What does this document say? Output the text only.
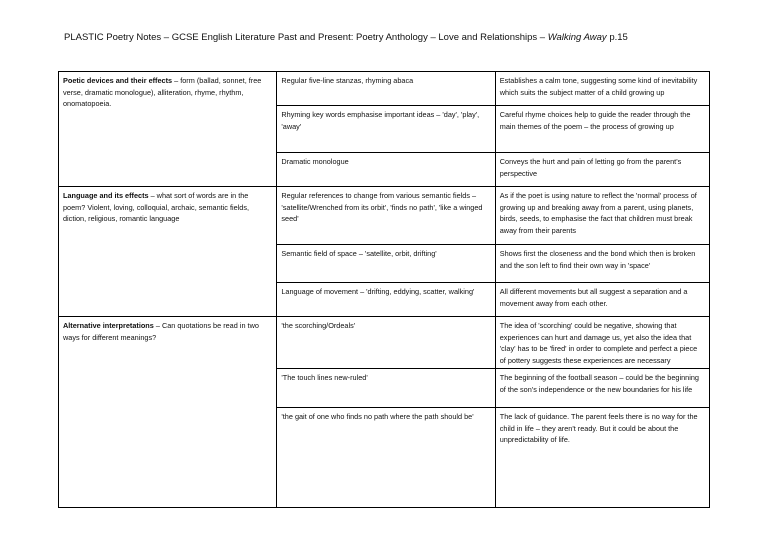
PLASTIC Poetry Notes – GCSE English Literature Past and Present: Poetry Anthology – Love and Relationships – Walking Away p.15
Poetic devices and their effects – form (ballad, sonnet, free verse, dramatic monologue), alliteration, rhyme, rhythm, onomatopoeia.	Regular five-line stanzas, rhyming abaca	Establishes a calm tone, suggesting some kind of inevitability which suits the subject matter of a child growing up
	Rhyming key words emphasise important ideas – 'day', 'play', 'away'	Careful rhyme choices help to guide the reader through the main themes of the poem – the process of growing up
	Dramatic monologue	Conveys the hurt and pain of letting go from the parent's perspective
Language and its effects – what sort of words are in the poem? Violent, loving, colloquial, archaic, semantic fields, diction, religious, romantic language	Regular references to change from various semantic fields – 'satellite/Wrenched from its orbit', 'finds no path', 'like a winged seed'	As if the poet is using nature to reflect the 'normal' process of growing up and breaking away from a parent, using planets, birds, seeds, to emphasise the fact that children must break away from their parents
	Semantic field of space – 'satellite, orbit, drifting'	Shows first the closeness and the bond which then is broken and the son left to find their own way in 'space'
	Language of movement – 'drifting, eddying, scatter, walking'	All different movements but all suggest a separation and a movement away from each other.
Alternative interpretations – Can quotations be read in two ways for different meanings?	'the scorching/Ordeals'	The idea of 'scorching' could be negative, showing that experiences can hurt and damage us, yet also the idea that 'clay' has to be 'fired' in order to complete and perfect a piece of pottery suggests these experiences are necessary
	'The touch lines new-ruled'	The beginning of the football season – could be the beginning of the son's independence or the new boundaries for his life
	'the gait of one who finds no path where the path should be'	The lack of guidance. The parent feels there is no way for the child in life – they aren't ready. But it could be about the unpredictability of life.
